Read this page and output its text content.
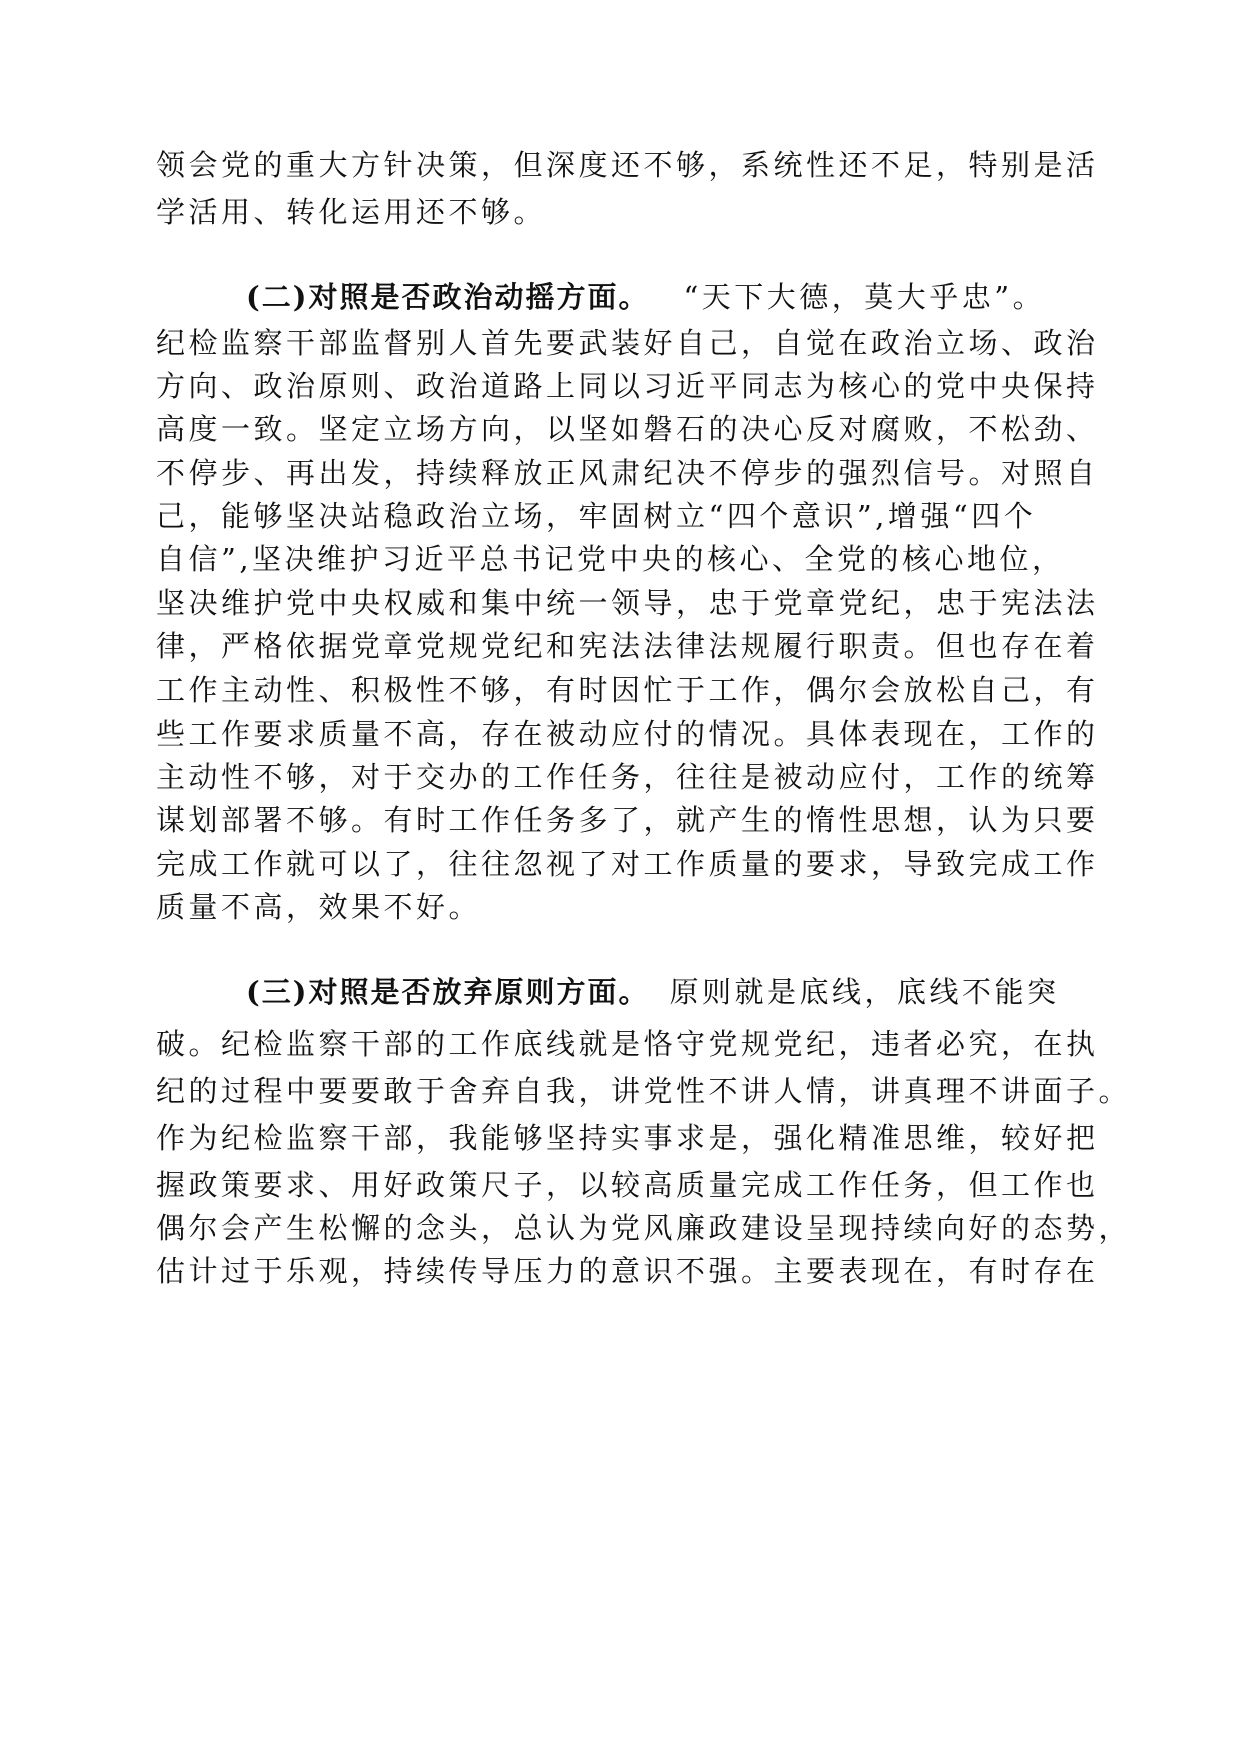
领会党的重大方针决策，但深度还不够，系统性还不足，特别是活
学活用、转化运用还不够。
(二)对照是否政治动摇方面。 “天下大德，莫大乎忠”。
纪检监察干部监督别人首先要武装好自己，自觉在政治立场、政治
方向、政治原则、政治道路上同以习近平同志为核心的党中央保持
高度一致。坚定立场方向，以坚如磐石的决心反对腐败，不松劲、
不停步、再出发，持续释放正风肃纪决不停步的强烈信号。对照自
己，能够坚决站稳政治立场，牢固树立“四个意识”,增强“四个
自信”,坚决维护习近平总书记党中央的核心、全党的核心地位，
坚决维护党中央权威和集中统一领导，忠于党章党纪，忠于宪法法
律，严格依据党章党规党纪和宪法法律法规履行职责。但也存在着
工作主动性、积极性不够，有时因忙于工作，偶尔会放松自己，有
些工作要求质量不高，存在被动应付的情况。具体表现在，工作的
主动性不够，对于交办的工作任务，往往是被动应付，工作的统筹
谋划部署不够。有时工作任务多了，就产生的惰性思想，认为只要
完成工作就可以了，往往忽视了对工作质量的要求，导致完成工作
质量不高，效果不好。
(三)对照是否放弃原则方面。 原则就是底线，底线不能突
破。纪检监察干部的工作底线就是恪守党规党纪，违者必究，在执
纪的过程中要要敢于舍弃自我，讲党性不讲人情，讲真理不讲面子。
作为纪检监察干部，我能够坚持实事求是，强化精准思维，较好把
握政策要求、用好政策尺子，以较高质量完成工作任务，但工作也
偶尔会产生松懈的念头，总认为党风廉政建设呈现持续向好的态势，
估计过于乐观，持续传导压力的意识不强。主要表现在，有时存在
